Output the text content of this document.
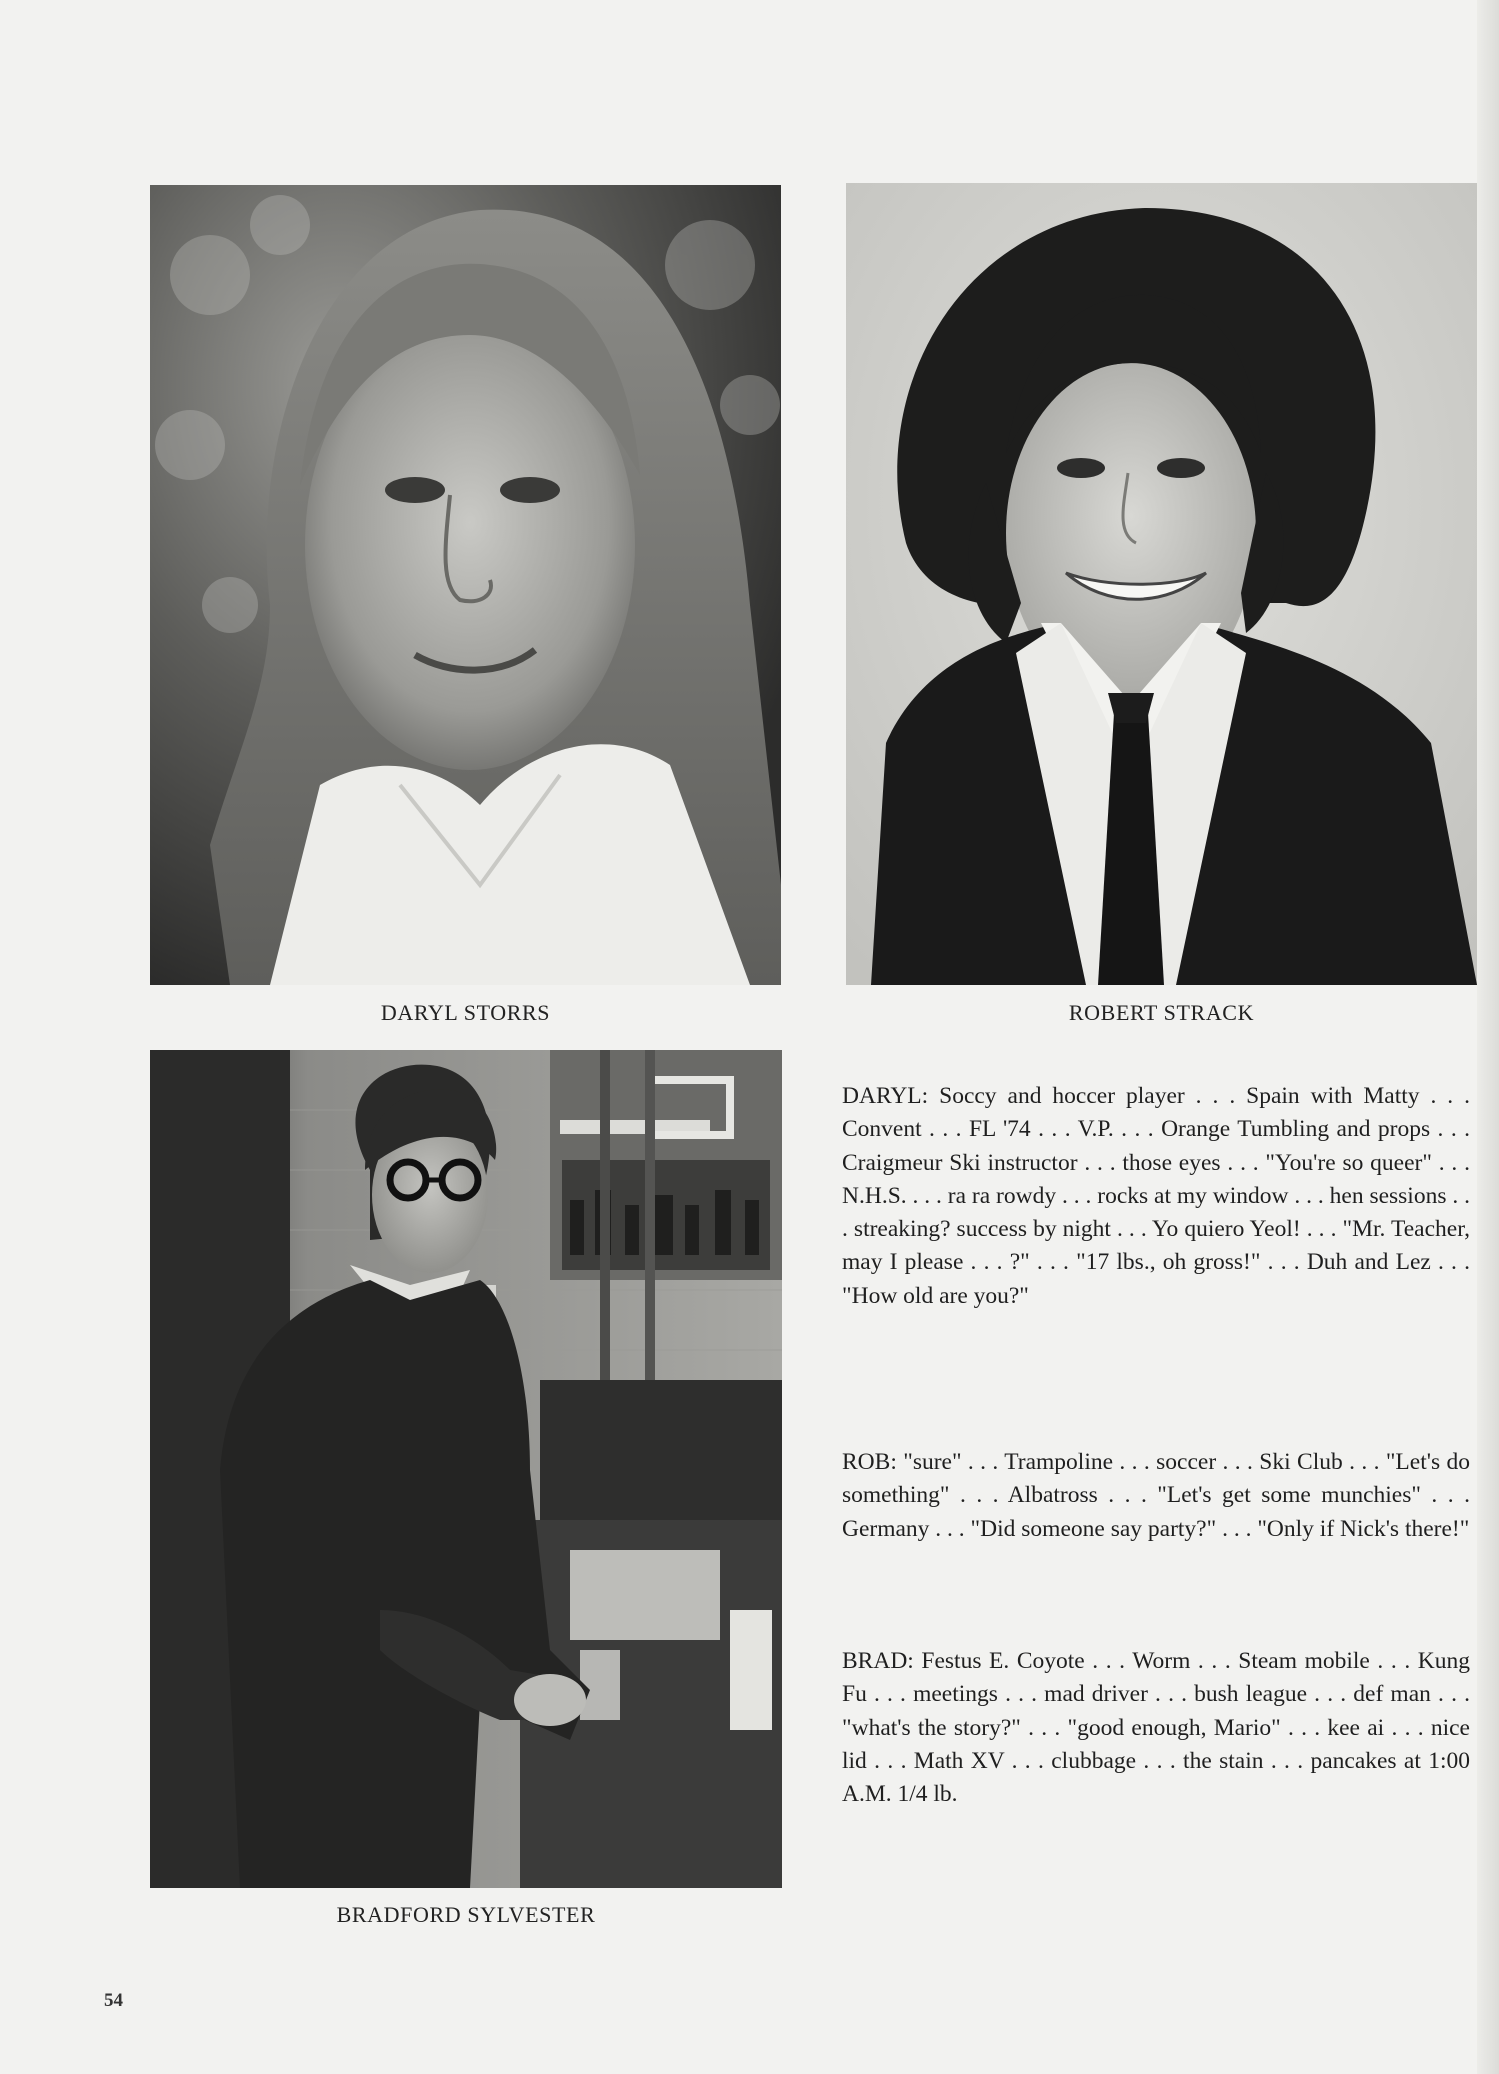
DARYL STORRS	ROBERT STRACK
BRADFORD SYLVESTER

DARYL: Soccy and hoccer player . . . Spain with Matty . . . Convent . . . FL '74 . . . V.P. . . . Orange Tumbling and props . . . Craigmeur Ski instructor . . . those eyes . . . "You're so queer" . . . N.H.S. . . . ra ra rowdy . . . rocks at my window . . . hen sessions . . . streaking? success by night . . . Yo quiero Yeol! . . . "Mr. Teacher, may I please . . . ?" . . . "17 lbs., oh gross!" . . . Duh and Lez . . . "How old are you?"

ROB: "sure" . . . Trampoline . . . soccer . . . Ski Club . . . "Let's do something" . . . Albatross . . . "Let's get some munchies" . . . Germany . . . "Did someone say party?" . . . "Only if Nick's there!"

BRAD: Festus E. Coyote . . . Worm . . . Steam mobile . . . Kung Fu . . . meetings . . . mad driver . . . bush league . . . def man . . . "what's the story?" . . . "good enough, Mario" . . . kee ai . . . nice lid . . . Math XV . . . clubbage . . . the stain . . . pancakes at 1:00 A.M. 1/4 lb.

54
